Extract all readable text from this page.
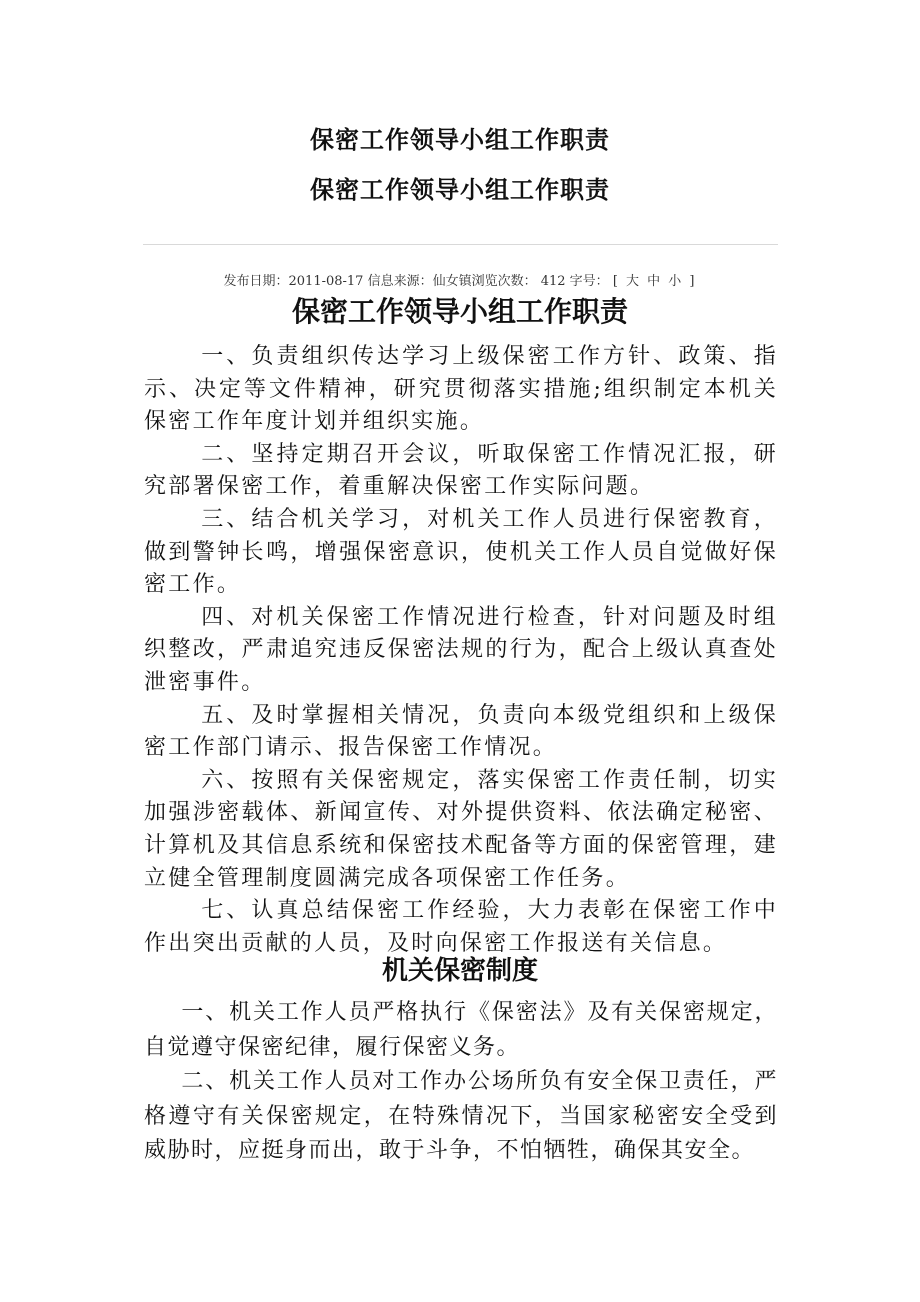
保密工作领导小组工作职责
保密工作领导小组工作职责
发布日期：2011-08-17 信息来源：仙女镇浏览次数： 412 字号： [ 大 中 小 ]
保密工作领导小组工作职责

一、负责组织传达学习上级保密工作方针、政策、指示、决定等文件精神，研究贯彻落实措施;组织制定本机关保密工作年度计划并组织实施。

二、坚持定期召开会议，听取保密工作情况汇报，研究部署保密工作，着重解决保密工作实际问题。

三、结合机关学习，对机关工作人员进行保密教育，做到警钟长鸣，增强保密意识，使机关工作人员自觉做好保密工作。

四、对机关保密工作情况进行检查，针对问题及时组织整改，严肃追究违反保密法规的行为，配合上级认真查处泄密事件。

五、及时掌握相关情况，负责向本级党组织和上级保密工作部门请示、报告保密工作情况。

六、按照有关保密规定，落实保密工作责任制，切实加强涉密载体、新闻宣传、对外提供资料、依法确定秘密、计算机及其信息系统和保密技术配备等方面的保密管理，建立健全管理制度圆满完成各项保密工作任务。

七、认真总结保密工作经验，大力表彰在保密工作中作出突出贡献的人员，及时向保密工作报送有关信息。

机关保密制度

一、机关工作人员严格执行《保密法》及有关保密规定，自觉遵守保密纪律，履行保密义务。

二、机关工作人员对工作办公场所负有安全保卫责任，严格遵守有关保密规定，在特殊情况下，当国家秘密安全受到威胁时，应挺身而出，敢于斗争，不怕牺牲，确保其安全。
